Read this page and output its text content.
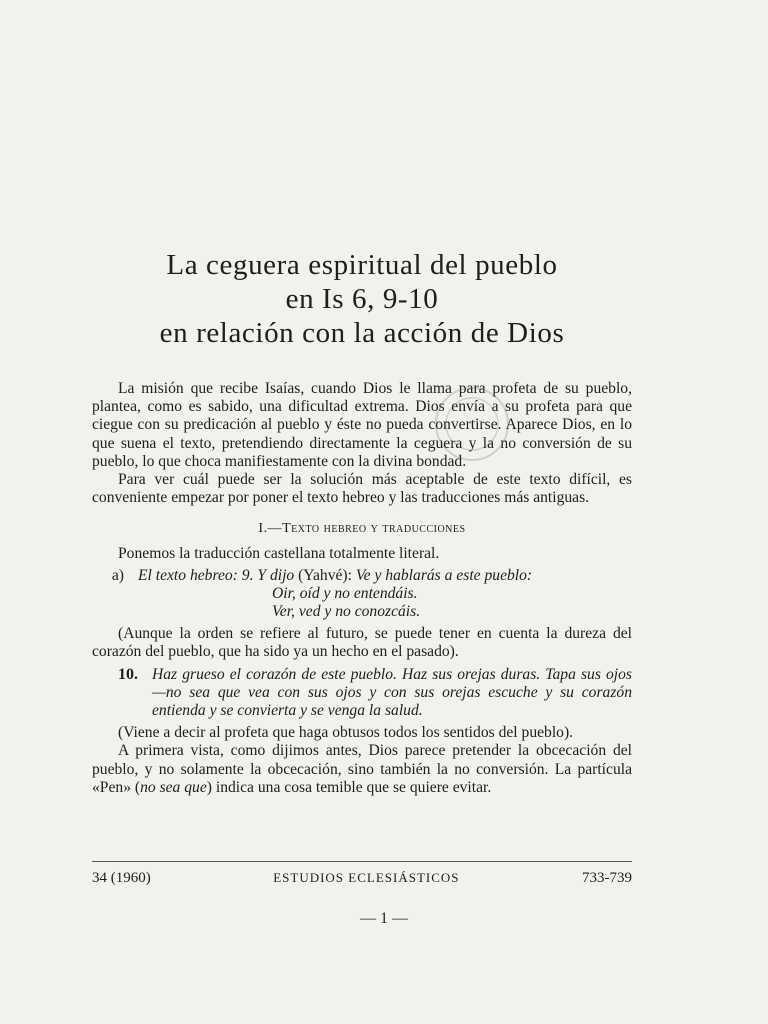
La ceguera espiritual del pueblo
en Is 6, 9-10
en relación con la acción de Dios

La misión que recibe Isaías, cuando Dios le llama para profeta de su pueblo, plantea, como es sabido, una dificultad extrema. Dios envía a su profeta para que ciegue con su predicación al pueblo y éste no pueda convertirse. Aparece Dios, en lo que suena el texto, pretendiendo directamente la ceguera y la no conversión de su pueblo, lo que choca manifiestamente con la divina bondad.

Para ver cuál puede ser la solución más aceptable de este texto difícil, es conveniente empezar por poner el texto hebreo y las traducciones más antiguas.

I.—Texto hebreo y traducciones

Ponemos la traducción castellana totalmente literal.

a) El texto hebreo: 9. Y dijo (Yahvé): Ve y hablarás a este pueblo:
Oir, oíd y no entendáis.
Ver, ved y no conozcáis.

(Aunque la orden se refiere al futuro, se puede tener en cuenta la dureza del corazón del pueblo, que ha sido ya un hecho en el pasado).

10. Haz grueso el corazón de este pueblo. Haz sus orejas duras. Tapa sus ojos —no sea que vea con sus ojos y con sus orejas escuche y su corazón entienda y se convierta y se venga la salud.

(Viene a decir al profeta que haga obtusos todos los sentidos del pueblo).

A primera vista, como dijimos antes, Dios parece pretender la obcecación del pueblo, y no solamente la obcecación, sino también la no conversión. La partícula «Pen» (no sea que) indica una cosa temible que se quiere evitar.

34 (1960)	ESTUDIOS ECLESIÁSTICOS	733-739
— 1 —
